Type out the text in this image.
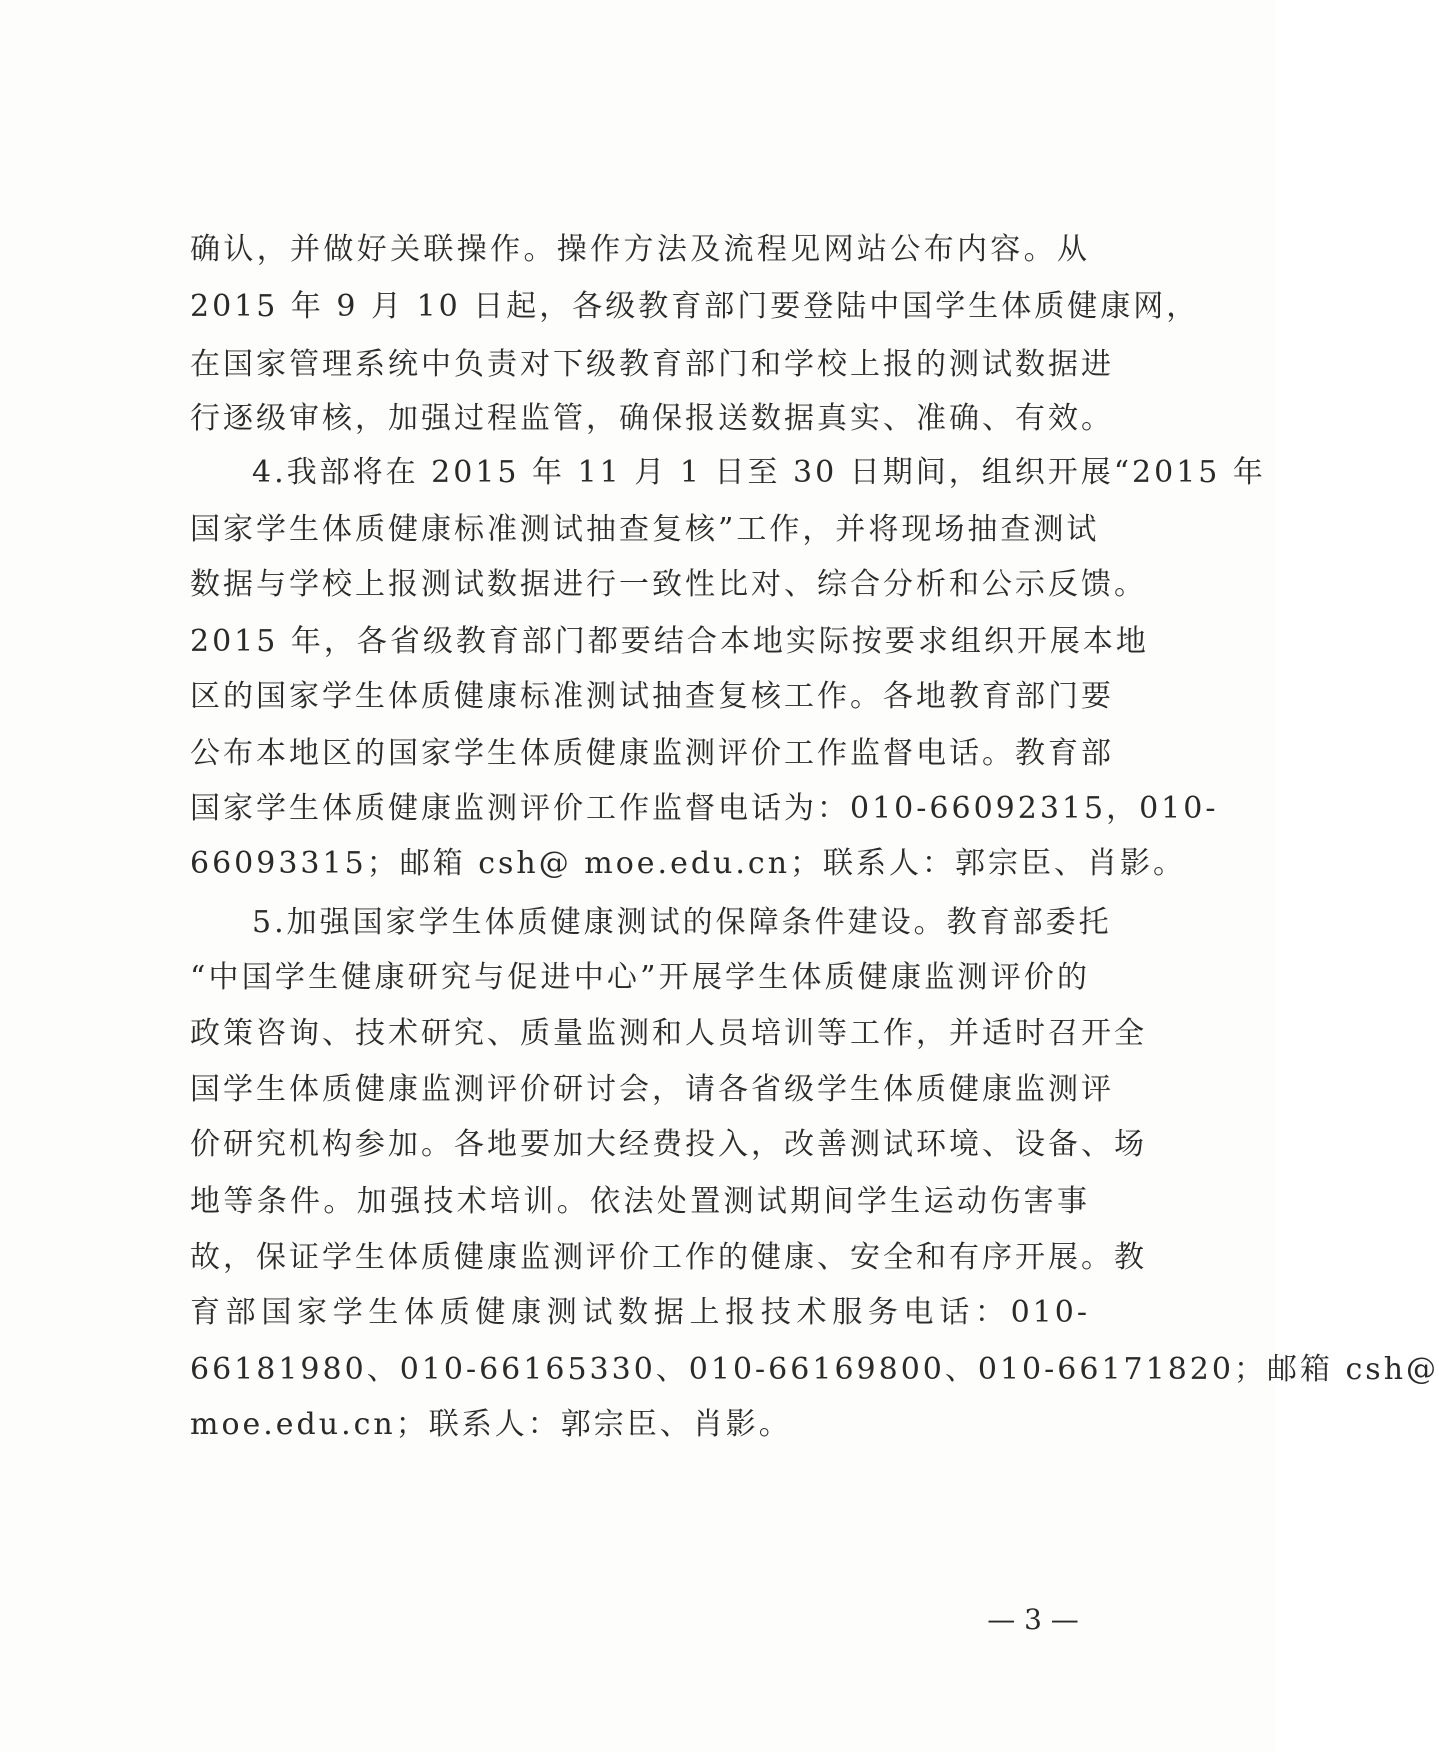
确认，并做好关联操作。操作方法及流程见网站公布内容。从
2015 年 9 月 10 日起，各级教育部门要登陆中国学生体质健康网，
在国家管理系统中负责对下级教育部门和学校上报的测试数据进
行逐级审核，加强过程监管，确保报送数据真实、准确、有效。
4.我部将在 2015 年 11 月 1 日至 30 日期间，组织开展“2015 年
国家学生体质健康标准测试抽查复核”工作，并将现场抽查测试
数据与学校上报测试数据进行一致性比对、综合分析和公示反馈。
2015 年，各省级教育部门都要结合本地实际按要求组织开展本地
区的国家学生体质健康标准测试抽查复核工作。各地教育部门要
公布本地区的国家学生体质健康监测评价工作监督电话。教育部
国家学生体质健康监测评价工作监督电话为：010-66092315，010-
66093315；邮箱 csh@ moe.edu.cn；联系人：郭宗臣、肖影。
5.加强国家学生体质健康测试的保障条件建设。教育部委托
“中国学生健康研究与促进中心”开展学生体质健康监测评价的
政策咨询、技术研究、质量监测和人员培训等工作，并适时召开全
国学生体质健康监测评价研讨会，请各省级学生体质健康监测评
价研究机构参加。各地要加大经费投入，改善测试环境、设备、场
地等条件。加强技术培训。依法处置测试期间学生运动伤害事
故，保证学生体质健康监测评价工作的健康、安全和有序开展。教
育部国家学生体质健康测试数据上报技术服务电话：010-
66181980、010-66165330、010-66169800、010-66171820；邮箱 csh@
moe.edu.cn；联系人：郭宗臣、肖影。
— 3 —
